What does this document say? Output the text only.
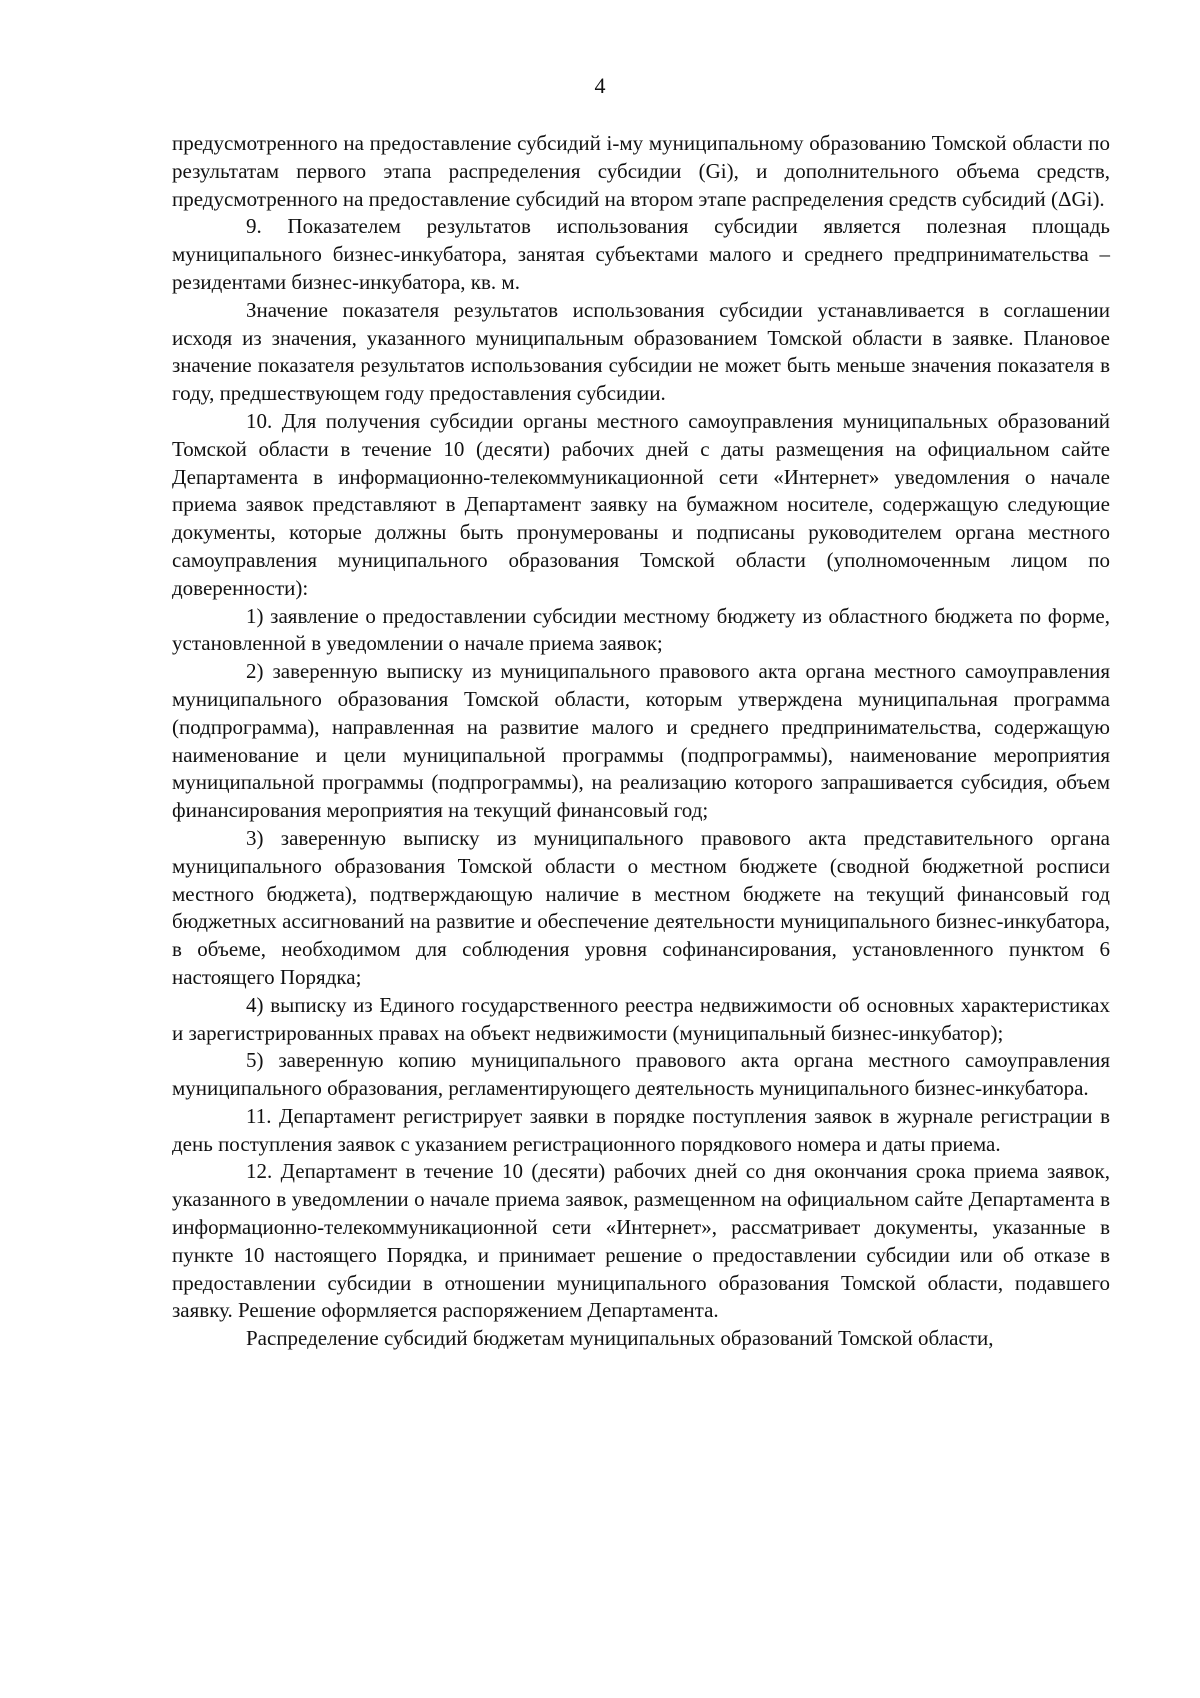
4

предусмотренного на предоставление субсидий i-му муниципальному образованию Томской области по результатам первого этапа распределения субсидии (Gi), и дополнительного объема средств, предусмотренного на предоставление субсидий на втором этапе распределения средств субсидий (ΔGi).

9. Показателем результатов использования субсидии является полезная площадь муниципального бизнес-инкубатора, занятая субъектами малого и среднего предпринимательства – резидентами бизнес-инкубатора, кв. м.

Значение показателя результатов использования субсидии устанавливается в соглашении исходя из значения, указанного муниципальным образованием Томской области в заявке. Плановое значение показателя результатов использования субсидии не может быть меньше значения показателя в году, предшествующем году предоставления субсидии.

10. Для получения субсидии органы местного самоуправления муниципальных образований Томской области в течение 10 (десяти) рабочих дней с даты размещения на официальном сайте Департамента в информационно-телекоммуникационной сети «Интернет» уведомления о начале приема заявок представляют в Департамент заявку на бумажном носителе, содержащую следующие документы, которые должны быть пронумерованы и подписаны руководителем органа местного самоуправления муниципального образования Томской области (уполномоченным лицом по доверенности):

1) заявление о предоставлении субсидии местному бюджету из областного бюджета по форме, установленной в уведомлении о начале приема заявок;

2) заверенную выписку из муниципального правового акта органа местного самоуправления муниципального образования Томской области, которым утверждена муниципальная программа (подпрограмма), направленная на развитие малого и среднего предпринимательства, содержащую наименование и цели муниципальной программы (подпрограммы), наименование мероприятия муниципальной программы (подпрограммы), на реализацию которого запрашивается субсидия, объем финансирования мероприятия на текущий финансовый год;

3) заверенную выписку из муниципального правового акта представительного органа муниципального образования Томской области о местном бюджете (сводной бюджетной росписи местного бюджета), подтверждающую наличие в местном бюджете на текущий финансовый год бюджетных ассигнований на развитие и обеспечение деятельности муниципального бизнес-инкубатора, в объеме, необходимом для соблюдения уровня софинансирования, установленного пунктом 6 настоящего Порядка;

4) выписку из Единого государственного реестра недвижимости об основных характеристиках и зарегистрированных правах на объект недвижимости (муниципальный бизнес-инкубатор);

5) заверенную копию муниципального правового акта органа местного самоуправления муниципального образования, регламентирующего деятельность муниципального бизнес-инкубатора.

11. Департамент регистрирует заявки в порядке поступления заявок в журнале регистрации в день поступления заявок с указанием регистрационного порядкового номера и даты приема.

12. Департамент в течение 10 (десяти) рабочих дней со дня окончания срока приема заявок, указанного в уведомлении о начале приема заявок, размещенном на официальном сайте Департамента в информационно-телекоммуникационной сети «Интернет», рассматривает документы, указанные в пункте 10 настоящего Порядка, и принимает решение о предоставлении субсидии или об отказе в предоставлении субсидии в отношении муниципального образования Томской области, подавшего заявку. Решение оформляется распоряжением Департамента.

Распределение субсидий бюджетам муниципальных образований Томской области,
